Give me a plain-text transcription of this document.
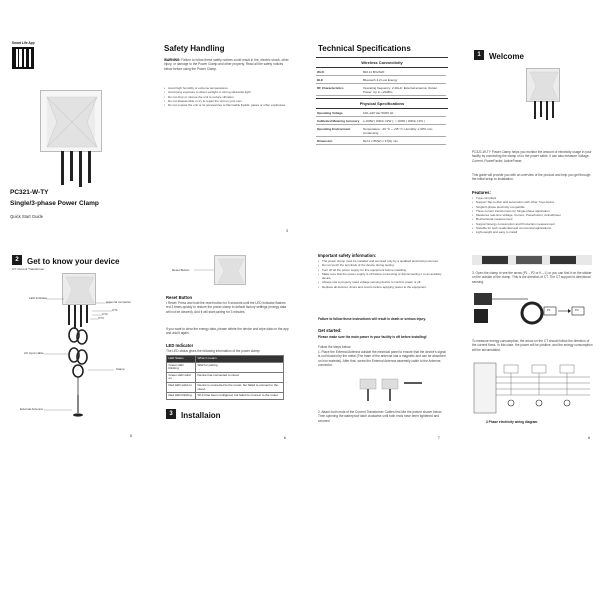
Smart Life App
PC321-W-TY
Single/3-phase Power Clamp
Quick Start Guide
Safety Handling
WARNING: Failure to follow these safety notices could result in fire, electric shock, other injury, or damage to the Power Clamp and other property. Read all the safety notices below before using the Power Clamp.
• Avoid high humidity or extreme temperatures.
• Avoid long exposure to direct sunlight or strong ultraviolet light.
• Do not drop or misuse the unit to reduce vibration.
• Do not disassemble or try to repair the unit on your own.
• Do not expose the unit or its accessories to flammable liquids, gases or other explosives.
3
Technical Specifications
Wireless Connectivity
Wi-Fi	802.11 B/G/N20
BLE	Bluetooth 4.2 Low Energy
RF Characteristics	Operating frequency: 2.4GHz; External antenna; Output Power: Up to +20dBm
Physical Specifications
Operating Voltage	100~240 Vac 50/60 Hz
Calibrated Metering Accuracy	≤ 100W ( Within ±2W ); > 100W ( Within ±2% )
Operating Environment	Temperature: -20 °C ~ +55 °C; Humidity: ≤ 90% non-condensing
Dimension	Ref.2 x 86(W) x 37(H) mm
1 Welcome
PC321-W-TY Power Clamp helps you monitor the amount of electricity usage in your facility by connecting the clamp on to the power cable. It can also measure Voltage, Current, PowerFactor, ActivePower.
This guide will provide you with an overview of the product and help you get through the initial setup to installation.
Features:
• Tuya compliant
• Support Tap-to-Run and automation with other Tuya device
• Single/3-phase electricity compatible
• Three current transformers for Single-phase application
• Measures real-time Voltage, Current, PowerFactor, ActivePower
• Bi-directional measurement
• Support Energy consumption and Production measurement
• Suitable for both residential and commercial applications
• Light-weight and easy to install
2 Get to know your device
CT: Current Transformer
LED Indicator
Antenna connector
CT1
CT2
CT3
AC input cable
Clamp
External Antenna
5
Reset Button
Reset Button
• Reset: Press and hold the reset button for 5 seconds until the LED Indicator flashes red 3 times quickly to restore the power clamp to default factory settings (energy data will not be cleared). And it will start pairing for 3 minutes.
If you want to clear the energy data, please delete the device and wipe data on the app and add it again.
LED Indicator
The LED status gives the following information of the power clamp:
LED Status	What it means
Green LED blinking	Wait for pairing
Green LED solid on	Device has connected to cloud.
Red LED solid on	Device is connected to the router, but failed to connect to the cloud.
Red LED blinking	Wi-Fi has been configured, but failed to connect to the router.
3 Installaion
6
Important safety information:
• The power clamp must be installed and serviced only by a qualified electrical personnel.
• Do not touch the terminals of the device during testing.
• Turn off all the power supply for this equipment before installing.
• Make sure that the power supply is off before connecting or disconnecting it to an auxiliary device.
• Always use a properly rated voltage sensing device to confirm power is off.
• Replace all devices, doors and covers before applying power to the equipment.
Failure to follow these instructions will result in death or serious injury.
Get started:
Please make sure the main power in your facility is off before installing!
Follow the steps below:
1. Place the External Antenna outside the electrical panel to ensure that the device's signal is not blocked by the metal (The base of the antenna has a magnetic and can be absorbed on iron material). After that, screw the External Antenna assembly cable to the Antenna connector.
2. Attach both ends of the Current Transformer Cables first like the picture shown below. Then spinning the waterproof latch clockwise until both ends have been tightened and secured.
7
3. Open the clamp to see the arrow (P1→P2 or K→L) or you can find it on the sticker on the outside of the clamp. This is the direction of CT. The CT support bi-directional sensing.
P1	P2
To measure energy consumption, the arrow on the CT should follow the direction of the current flows. In this case, the power will be positive, and the energy consumption will be accumulated.
3 Phase electricity wiring diagram
8
